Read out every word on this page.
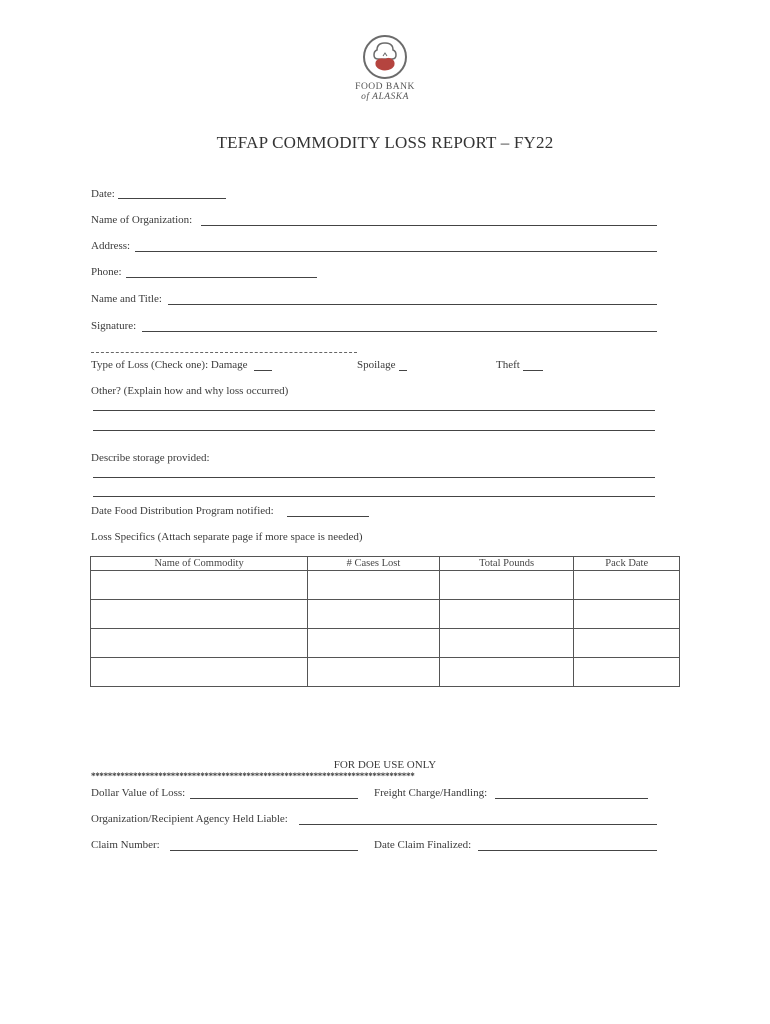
FOOD BANK
of ALASKA
TEFAP COMMODITY LOSS REPORT – FY22
Date:
Name of Organization:
Address:
Phone:
Name and Title:
Signature:
Type of Loss (Check one): Damage	Spoilage	Theft
Other? (Explain how and why loss occurred)
Describe storage provided:
Date Food Distribution Program notified:
Loss Specifics (Attach separate page if more space is needed)
Name of Commodity	# Cases Lost	Total Pounds	Pack Date

FOR DOE USE ONLY
*****************************************************************************
Dollar Value of Loss:	Freight Charge/Handling:
Organization/Recipient Agency Held Liable:
Claim Number:	Date Claim Finalized:
